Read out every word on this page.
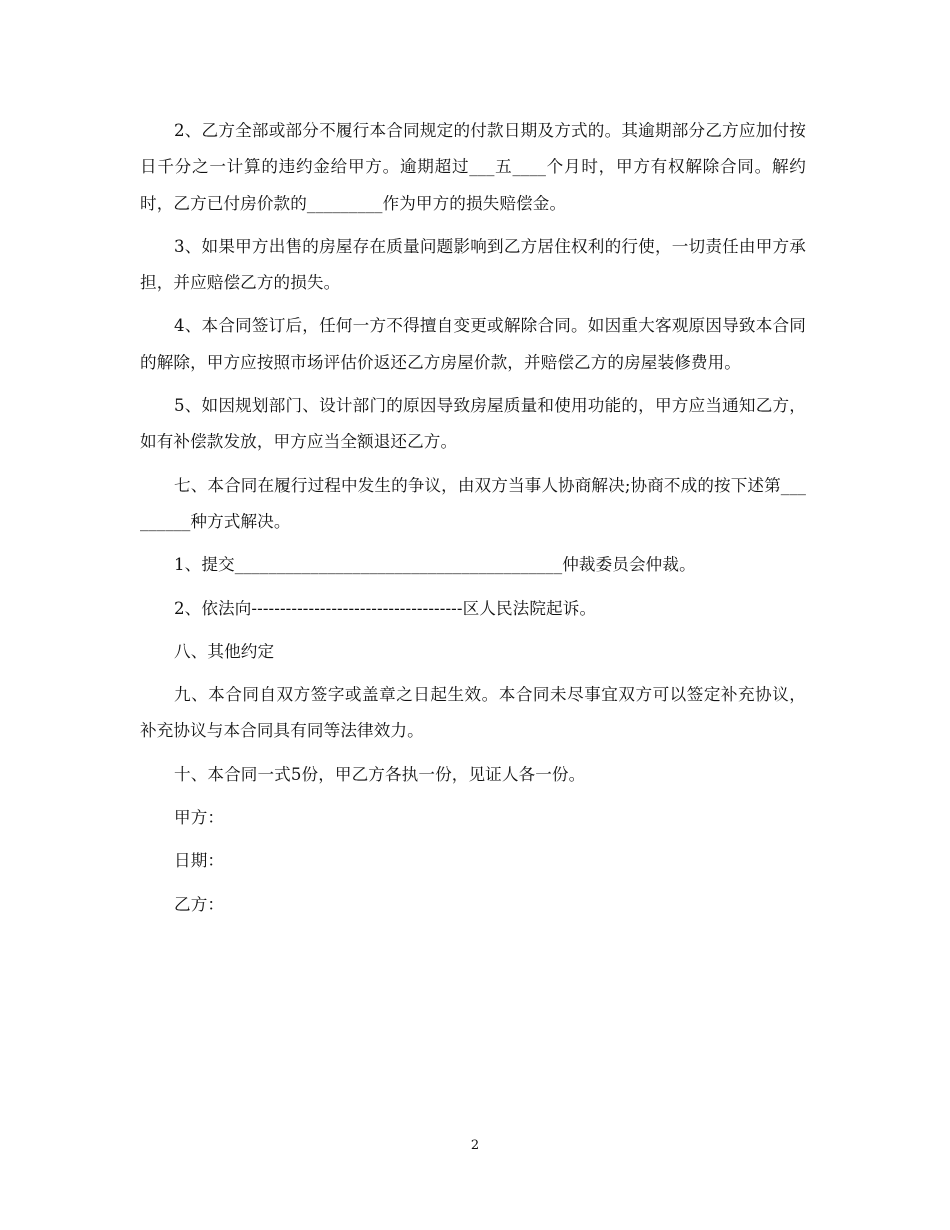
2、乙方全部或部分不履行本合同规定的付款日期及方式的。其逾期部分乙方应加付按日千分之一计算的违约金给甲方。逾期超过___五____个月时，甲方有权解除合同。解约时，乙方已付房价款的_________作为甲方的损失赔偿金。

3、如果甲方出售的房屋存在质量问题影响到乙方居住权利的行使，一切责任由甲方承担，并应赔偿乙方的损失。

4、本合同签订后，任何一方不得擅自变更或解除合同。如因重大客观原因导致本合同的解除，甲方应按照市场评估价返还乙方房屋价款，并赔偿乙方的房屋装修费用。

5、如因规划部门、设计部门的原因导致房屋质量和使用功能的，甲方应当通知乙方，如有补偿款发放，甲方应当全额退还乙方。

七、本合同在履行过程中发生的争议，由双方当事人协商解决;协商不成的按下述第_________种方式解决。

1、提交_______________________________________仲裁委员会仲裁。

2、依法向-------------------------------------区人民法院起诉。

八、其他约定

九、本合同自双方签字或盖章之日起生效。本合同未尽事宜双方可以签定补充协议，补充协议与本合同具有同等法律效力。

十、本合同一式5份，甲乙方各执一份，见证人各一份。

甲方：

日期：

乙方：

2
